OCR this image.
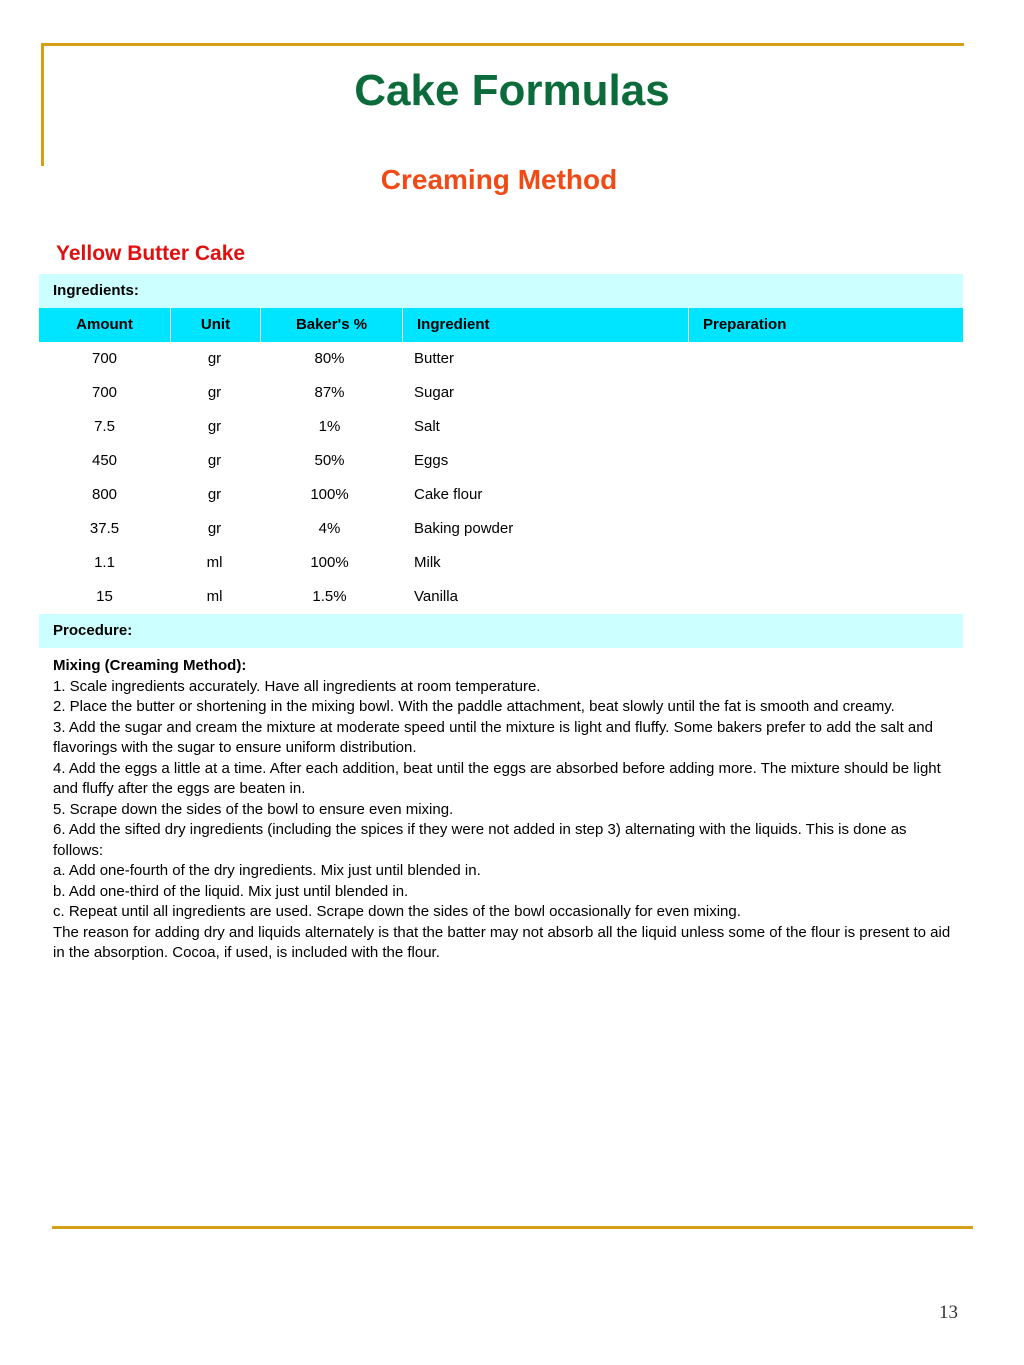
Cake Formulas
Creaming Method
Yellow Butter Cake
Ingredients:
Amount	Unit	Baker's %	Ingredient	Preparation
700	gr	80%	Butter
700	gr	87%	Sugar
7.5	gr	1%	Salt
450	gr	50%	Eggs
800	gr	100%	Cake flour
37.5	gr	4%	Baking powder
1.1	ml	100%	Milk
15	ml	1.5%	Vanilla
Procedure:

Mixing (Creaming Method):

1. Scale ingredients accurately. Have all ingredients at room temperature.

2. Place the butter or shortening in the mixing bowl. With the paddle attachment, beat slowly until the fat is smooth and creamy.

3. Add the sugar and cream the mixture at moderate speed until the mixture is light and fluffy. Some bakers prefer to add the salt and flavorings with the sugar to ensure uniform distribution.

4. Add the eggs a little at a time. After each addition, beat until the eggs are absorbed before adding more. The mixture should be light and fluffy after the eggs are beaten in.

5. Scrape down the sides of the bowl to ensure even mixing.

6. Add the sifted dry ingredients (including the spices if they were not added in step 3) alternating with the liquids. This is done as follows:

a. Add one-fourth of the dry ingredients. Mix just until blended in.

b. Add one-third of the liquid. Mix just until blended in.

c. Repeat until all ingredients are used. Scrape down the sides of the bowl occasionally for even mixing.

The reason for adding dry and liquids alternately is that the batter may not absorb all the liquid unless some of the flour is present to aid in the absorption. Cocoa, if used, is included with the flour.

13
